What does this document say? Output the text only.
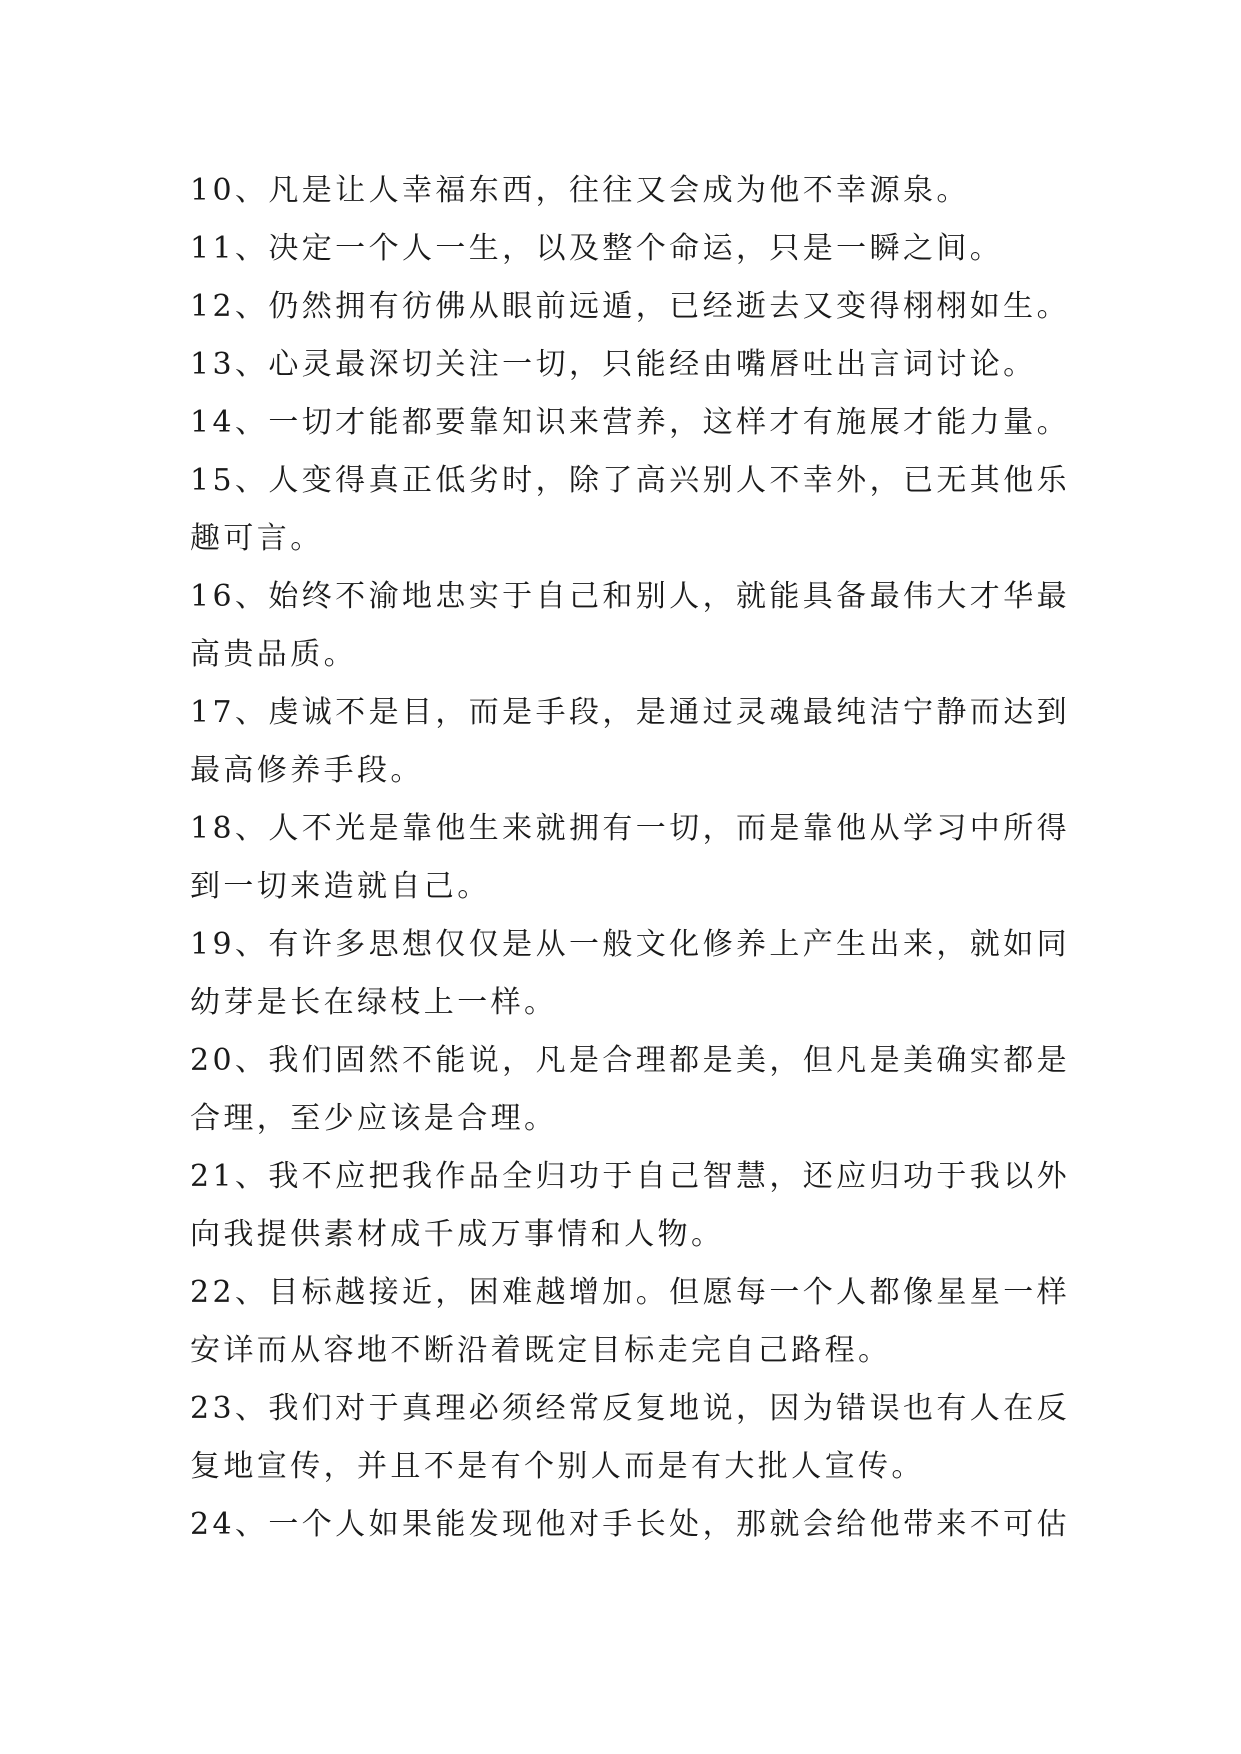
10、凡是让人幸福东西，往往又会成为他不幸源泉。

11、决定一个人一生，以及整个命运，只是一瞬之间。

12、仍然拥有彷佛从眼前远遁，已经逝去又变得栩栩如生。

13、心灵最深切关注一切，只能经由嘴唇吐出言词讨论。

14、一切才能都要靠知识来营养，这样才有施展才能力量。

15、人变得真正低劣时，除了高兴别人不幸外，已无其他乐趣可言。

16、始终不渝地忠实于自己和别人，就能具备最伟大才华最高贵品质。

17、虔诚不是目，而是手段，是通过灵魂最纯洁宁静而达到最高修养手段。

18、人不光是靠他生来就拥有一切，而是靠他从学习中所得到一切来造就自己。

19、有许多思想仅仅是从一般文化修养上产生出来，就如同幼芽是长在绿枝上一样。

20、我们固然不能说，凡是合理都是美，但凡是美确实都是合理，至少应该是合理。

21、我不应把我作品全归功于自己智慧，还应归功于我以外向我提供素材成千成万事情和人物。

22、目标越接近，困难越增加。但愿每一个人都像星星一样安详而从容地不断沿着既定目标走完自己路程。

23、我们对于真理必须经常反复地说，因为错误也有人在反复地宣传，并且不是有个别人而是有大批人宣传。

24、一个人如果能发现他对手长处，那就会给他带来不可估
